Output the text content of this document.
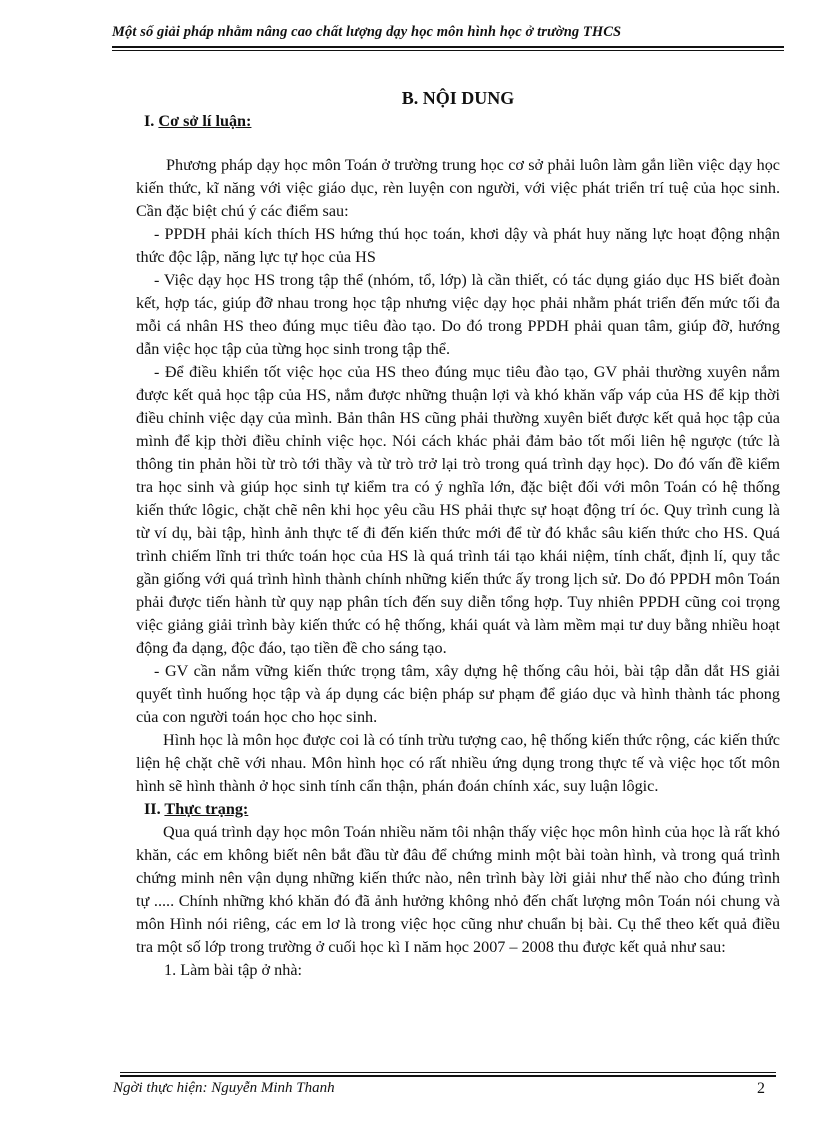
Một số giải pháp nhằm nâng cao chất lượng dạy học môn hình học ở trường THCS
B. NỘI DUNG
I. Cơ sở lí luận:

Phương pháp dạy học môn Toán ở trường trung học cơ sở phải luôn làm gắn liền việc dạy học kiến thức, kĩ năng với việc giáo dục, rèn luyện con người, với việc phát triển trí tuệ của học sinh. Cần đặc biệt chú ý các điểm sau:

- PPDH phải kích thích HS hứng thú học toán, khơi dậy và phát huy năng lực hoạt động nhận thức độc lập, năng lực tự học của HS

- Việc dạy học HS trong tập thể (nhóm, tổ, lớp) là cần thiết, có tác dụng giáo dục HS biết đoàn kết, hợp tác, giúp đỡ nhau trong học tập nhưng việc dạy học phải nhằm phát triển đến mức tối đa mỗi cá nhân HS theo đúng mục tiêu đào tạo. Do đó trong PPDH phải quan tâm, giúp đỡ, hướng dẫn việc học tập của từng học sinh trong tập thể.

- Để điều khiển tốt việc học của HS theo đúng mục tiêu đào tạo, GV phải thường xuyên nắm được kết quả học tập của HS, nắm được những thuận lợi và khó khăn vấp váp của HS để kịp thời điều chỉnh việc dạy của mình. Bản thân HS cũng phải thường xuyên biết được kết quả học tập của mình để kịp thời điều chỉnh việc học. Nói cách khác phải đảm bảo tốt mối liên hệ ngược (tức là thông tin phản hồi từ trò tới thầy và từ trò trở lại trò trong quá trình dạy học). Do đó vấn đề kiểm tra học sinh và giúp học sinh tự kiểm tra có ý nghĩa lớn, đặc biệt đối với môn Toán có hệ thống kiến thức lôgic, chặt chẽ nên khi học yêu cầu HS phải thực sự hoạt động trí óc. Quy trình cung là từ ví dụ, bài tập, hình ảnh thực tế đi đến kiến thức mới để từ đó khắc sâu kiến thức cho HS. Quá trình chiếm lĩnh tri thức toán học của HS là quá trình tái tạo khái niệm, tính chất, định lí, quy tắc gần giống với quá trình hình thành chính những kiến thức ấy trong lịch sử. Do đó PPDH môn Toán phải được tiến hành từ quy nạp phân tích đến suy diễn tổng hợp. Tuy nhiên PPDH cũng coi trọng việc giảng giải trình bày kiến thức có hệ thống, khái quát và làm mềm mại tư duy bằng nhiều hoạt động đa dạng, độc đáo, tạo tiền đề cho sáng tạo.

- GV cần nắm vững kiến thức trọng tâm, xây dựng hệ thống câu hỏi, bài tập dẫn dắt HS giải quyết tình huống học tập và áp dụng các biện pháp sư phạm để giáo dục và hình thành tác phong của con người toán học cho học sinh.

Hình học là môn học được coi là có tính trừu tượng cao, hệ thống kiến thức rộng, các kiến thức liện hệ chặt chẽ với nhau. Môn hình học có rất nhiều ứng dụng trong thực tế và việc học tốt môn hình sẽ hình thành ở học sinh tính cẩn thận, phán đoán chính xác, suy luận lôgic.

II. Thực trạng:

Qua quá trình dạy học môn Toán nhiều năm tôi nhận thấy việc học môn hình của học là rất khó khăn, các em không biết nên bắt đầu từ đâu để chứng minh một bài toàn hình, và trong quá trình chứng minh nên vận dụng những kiến thức nào, nên trình bày lời giải như thế nào cho đúng trình tự ..... Chính những khó khăn đó đã ảnh hưởng không nhỏ đến chất lượng môn Toán nói chung và môn Hình nói riêng, các em lơ là trong việc học cũng như chuẩn bị bài. Cụ thể theo kết quả điều tra một số lớp trong trường ở cuối học kì I năm học 2007 – 2008 thu được kết quả như sau:

1. Làm bài tập ở nhà:
Ngời thực hiện: Nguyễn Minh Thanh	2
